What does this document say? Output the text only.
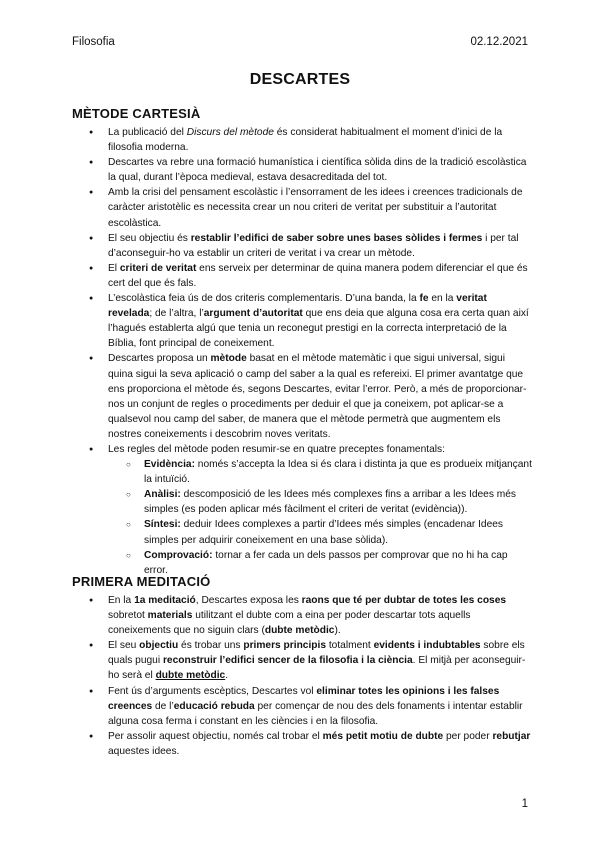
Filosofia	02.12.2021
DESCARTES
MÈTODE CARTESIÀ
● La publicació del Discurs del mètode és considerat habitualment el moment d’inici de la filosofia moderna.
● Descartes va rebre una formació humanística i científica sòlida dins de la tradició escolàstica la qual, durant l’època medieval, estava desacreditada del tot.
● Amb la crisi del pensament escolàstic i l’ensorrament de les idees i creences tradicionals de caràcter aristotèlic es necessita crear un nou criteri de veritat per substituir a l’autoritat escolàstica.
● El seu objectiu és restablir l’edifici de saber sobre unes bases sòlides i fermes i per tal d’aconseguir-ho va establir un criteri de veritat i va crear un mètode.
● El criteri de veritat ens serveix per determinar de quina manera podem diferenciar el que és cert del que és fals.
● L’escolàstica feia ús de dos criteris complementaris. D’una banda, la fe en la veritat revelada; de l’altra, l’argument d’autoritat que ens deia que alguna cosa era certa quan així l’hagués establerta algú que tenia un reconegut prestigi en la correcta interpretació de la Bíblia, font principal de coneixement.
● Descartes proposa un mètode basat en el mètode matemàtic i que sigui universal, sigui quina sigui la seva aplicació o camp del saber a la qual es refereixi. El primer avantatge que ens proporciona el mètode és, segons Descartes, evitar l’error. Però, a més de proporcionar-nos un conjunt de regles o procediments per deduir el que ja coneixem, pot aplicar-se a qualsevol nou camp del saber, de manera que el mètode permetrà que augmentem els nostres coneixements i descobrim noves veritats.
● Les regles del mètode poden resumir-se en quatre preceptes fonamentals:
○ Evidència: només s’accepta la Idea si és clara i distinta ja que es produeix mitjançant la intuïció.
○ Anàlisi: descomposició de les Idees més complexes fins a arribar a les Idees més simples (es poden aplicar més fàcilment el criteri de veritat (evidència)).
○ Síntesi: deduir Idees complexes a partir d’Idees més simples (encadenar Idees simples per adquirir coneixement en una base sòlida).
○ Comprovació: tornar a fer cada un dels passos per comprovar que no hi ha cap error.
PRIMERA MEDITACIÓ
● En la 1a meditació, Descartes exposa les raons que té per dubtar de totes les coses sobretot materials utilitzant el dubte com a eina per poder descartar tots aquells coneixements que no siguin clars (dubte metòdic).
● El seu objectiu és trobar uns primers principis totalment evidents i indubtables sobre els quals pugui reconstruir l’edifici sencer de la filosofia i la ciència. El mitjà per aconseguir-ho serà el dubte metòdic.
● Fent ús d’arguments escèptics, Descartes vol eliminar totes les opinions i les falses creences de l’educació rebuda per començar de nou des dels fonaments i intentar establir alguna cosa ferma i constant en les ciències i en la filosofia.
● Per assolir aquest objectiu, només cal trobar el més petit motiu de dubte per poder rebutjar aquestes idees.
1
